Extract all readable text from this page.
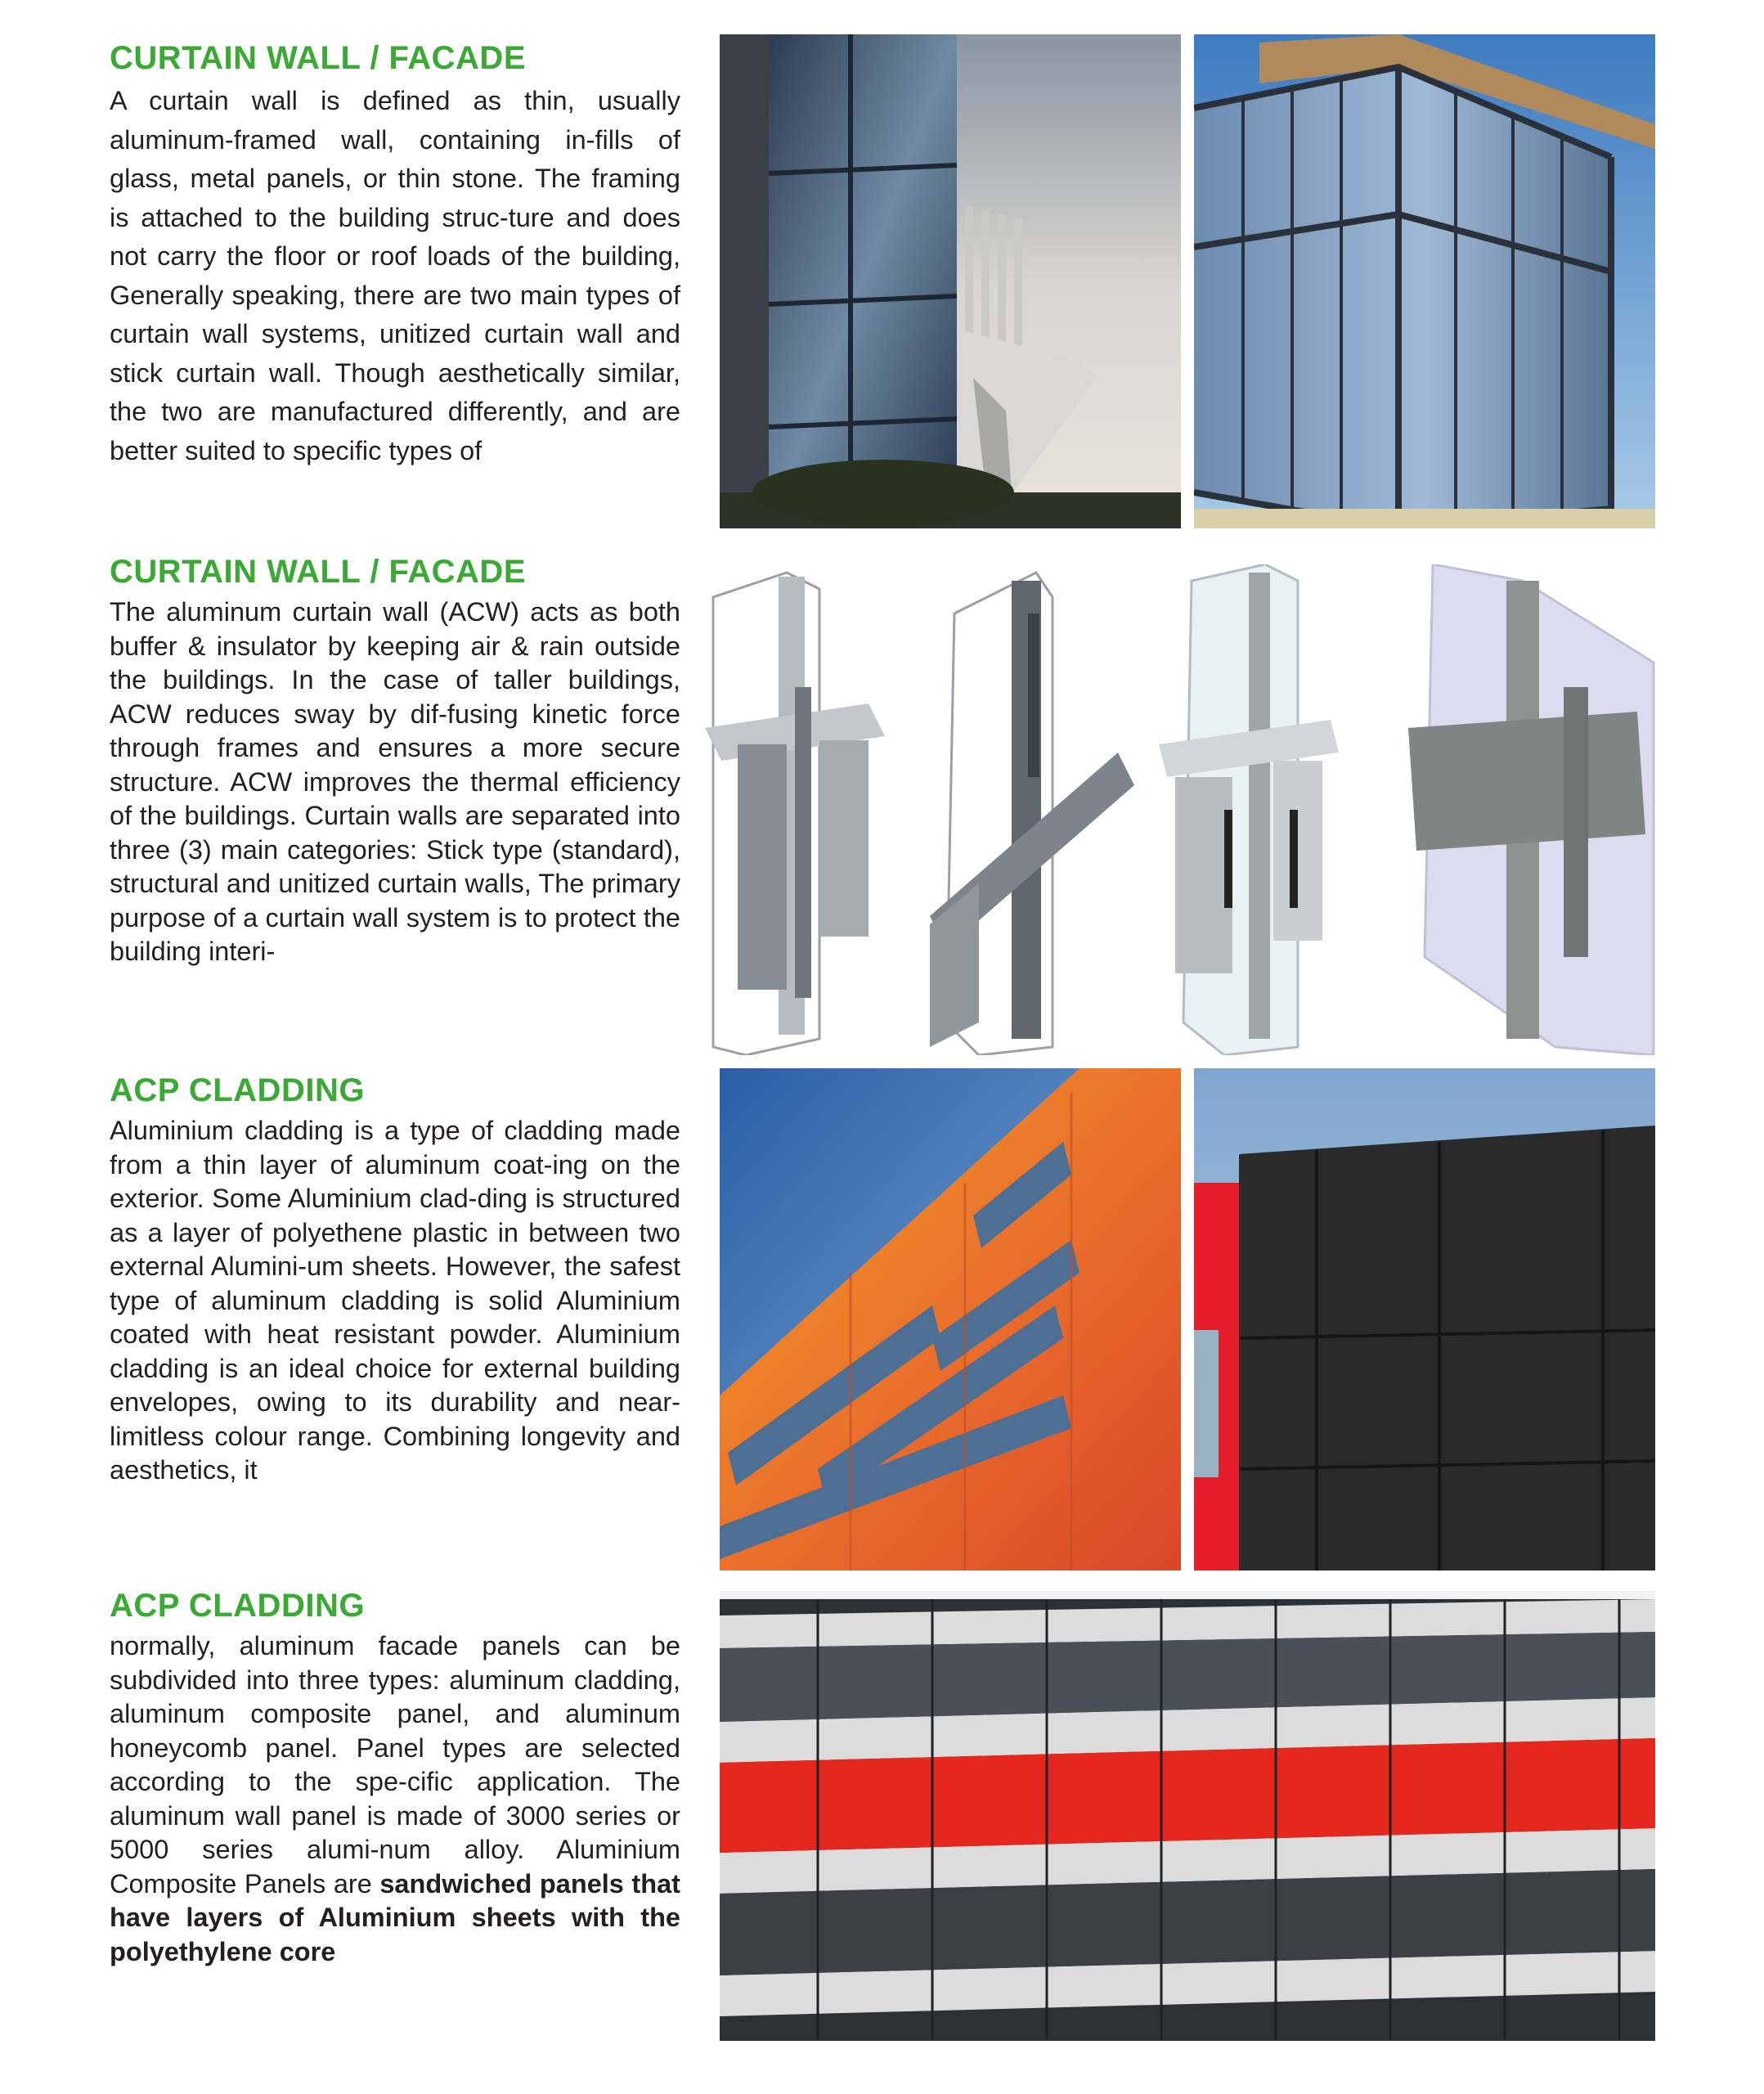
CURTAIN WALL / FACADE

A curtain wall is defined as thin, usually aluminum-framed wall, containing in-fills of glass, metal panels, or thin stone. The framing is attached to the building struc-ture and does not carry the floor or roof loads of the building, Generally speaking, there are two main types of curtain wall systems, unitized curtain wall and stick curtain wall. Though aesthetically similar, the two are manufactured differently, and are better suited to specific types of

CURTAIN WALL / FACADE

The aluminum curtain wall (ACW) acts as both buffer & insulator by keeping air & rain outside the buildings. In the case of taller buildings, ACW reduces sway by dif-fusing kinetic force through frames and ensures a more secure structure. ACW improves the thermal efficiency of the buildings. Curtain walls are separated into three (3) main categories: Stick type (standard), structural and unitized curtain walls, The primary purpose of a curtain wall system is to protect the building interi-

ACP CLADDING

Aluminium cladding is a type of cladding made from a thin layer of aluminum coat-ing on the exterior. Some Aluminium clad-ding is structured as a layer of polyethene plastic in between two external Alumini-um sheets. However, the safest type of aluminum cladding is solid Aluminium coated with heat resistant powder. Aluminium cladding is an ideal choice for external building envelopes, owing to its durability and near-limitless colour range. Combining longevity and aesthetics, it

ACP CLADDING

normally, aluminum facade panels can be subdivided into three types: aluminum cladding, aluminum composite panel, and aluminum honeycomb panel. Panel types are selected according to the spe-cific application. The aluminum wall panel is made of 3000 series or 5000 series alumi-num alloy. Aluminium Composite Panels are sandwiched panels that have layers of Aluminium sheets with the polyethylene core
